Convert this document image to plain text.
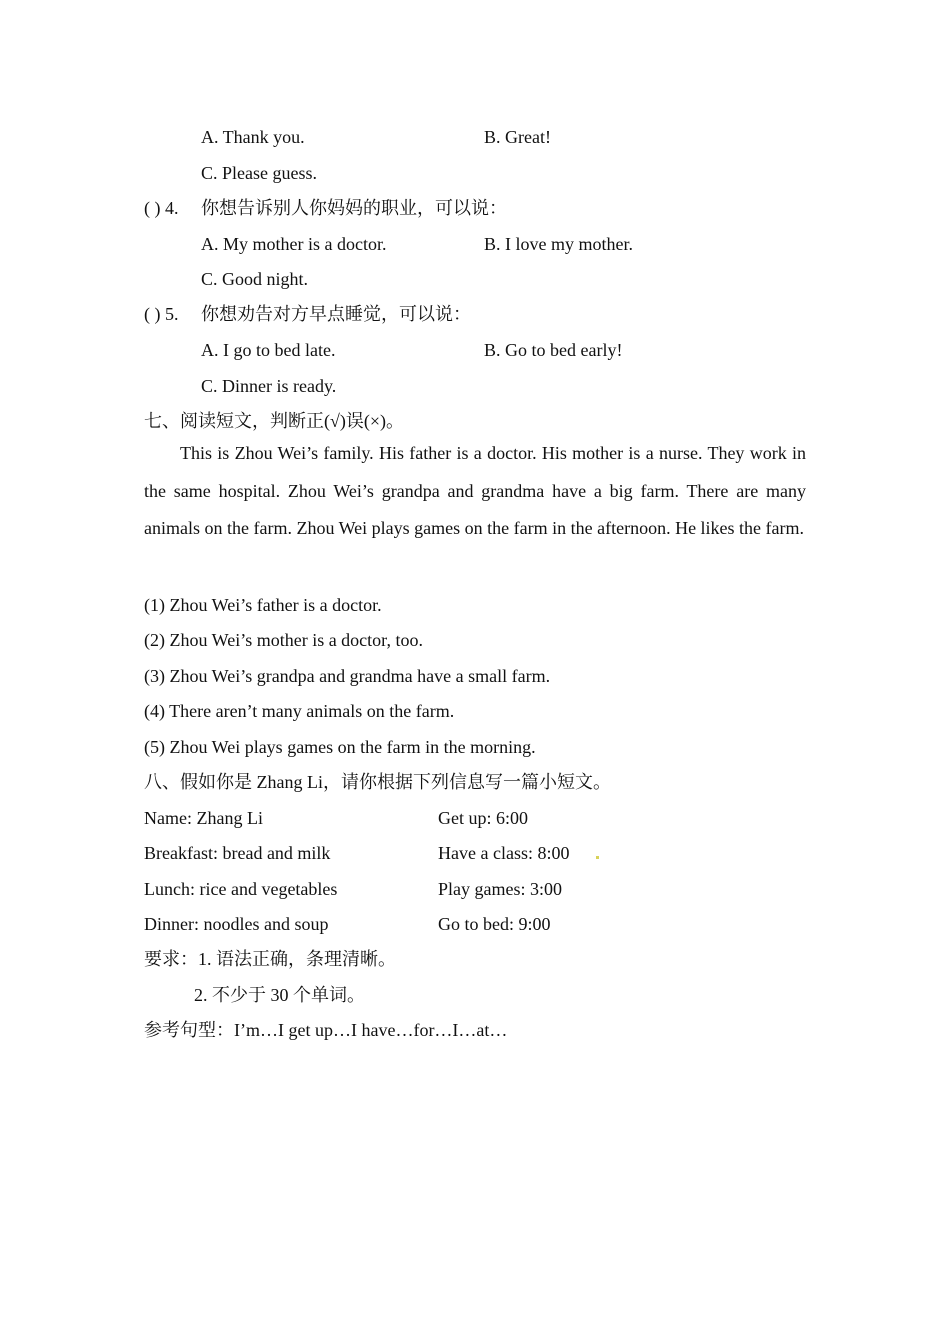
A. Thank you.	B. Great!
C. Please guess.
( ) 4. 你想告诉别人你妈妈的职业，可以说：
A. My mother is a doctor.	B. I love my mother.
C. Good night.
( ) 5. 你想劝告对方早点睡觉，可以说：
A. I go to bed late.	B. Go to bed early!
C. Dinner is ready.
七、阅读短文，判断正(√)误(×)。
This is Zhou Wei’s family. His father is a doctor. His mother is a nurse. They work in the same hospital. Zhou Wei’s grandpa and grandma have a big farm. There are many animals on the farm. Zhou Wei plays games on the farm in the afternoon. He likes the farm.
(1) Zhou Wei’s father is a doctor.
(2) Zhou Wei’s mother is a doctor, too.
(3) Zhou Wei’s grandpa and grandma have a small farm.
(4) There aren’t many animals on the farm.
(5) Zhou Wei plays games on the farm in the morning.
八、假如你是 Zhang Li，请你根据下列信息写一篇小短文。
Name: Zhang Li	Get up: 6:00
Breakfast: bread and milk	Have a class: 8:00
Lunch: rice and vegetables	Play games: 3:00
Dinner: noodles and soup	Go to bed: 9:00
要求：1. 语法正确，条理清晰。
2. 不少于 30 个单词。
参考句型：I’m…I get up…I have…for…I…at…
